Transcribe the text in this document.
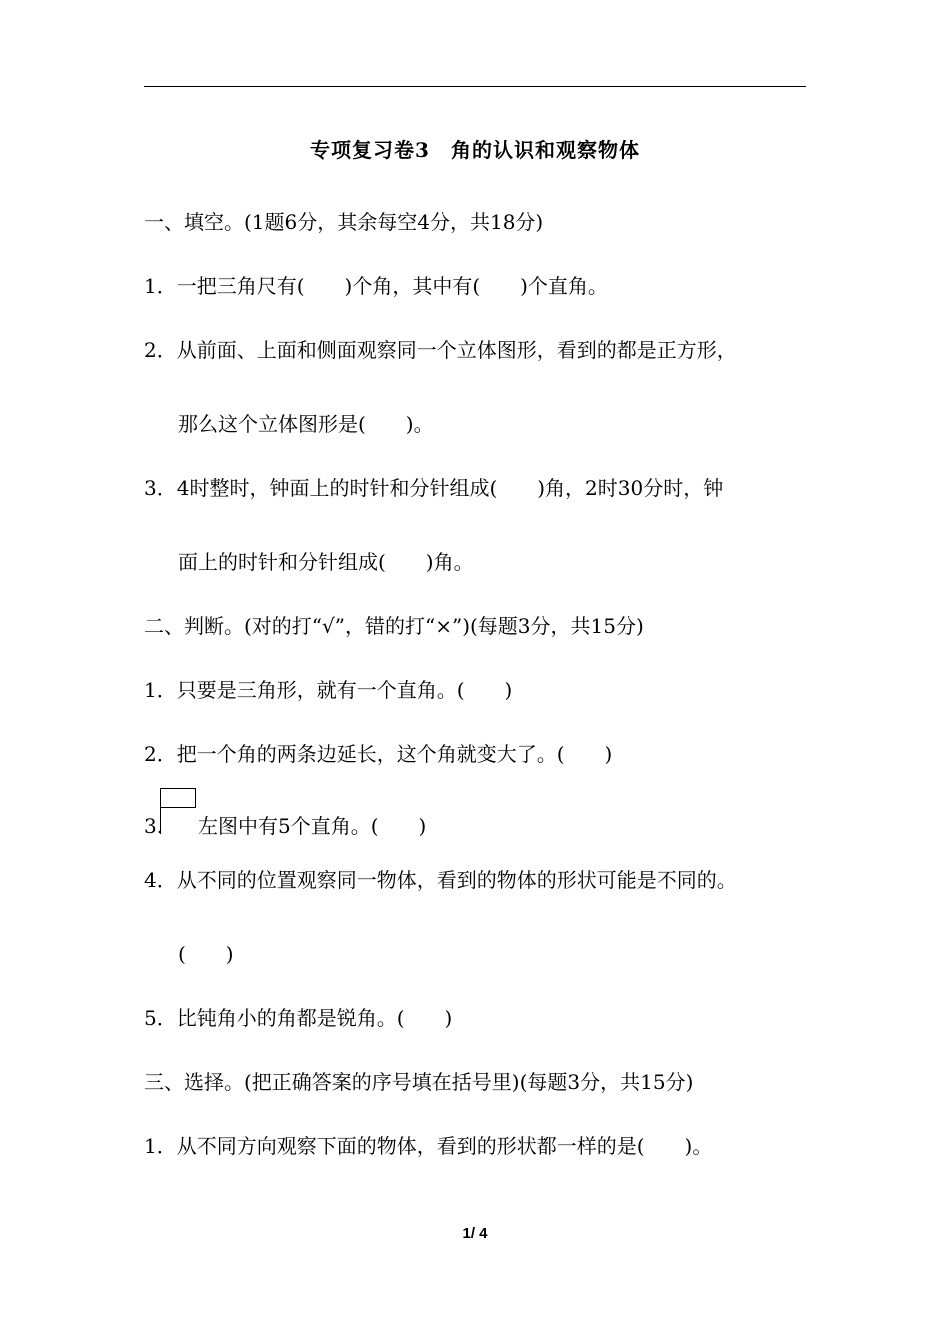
专项复习卷3　角的认识和观察物体
一、填空。(1题6分，其余每空4分，共18分)
1．一把三角尺有(　　)个角，其中有(　　)个直角。
2．从前面、上面和侧面观察同一个立体图形，看到的都是正方形，
那么这个立体图形是(　　)。
3．4时整时，钟面上的时针和分针组成(　　)角，2时30分时，钟
面上的时针和分针组成(　　)角。
二、判断。(对的打“√”，错的打“×”)(每题3分，共15分)
1．只要是三角形，就有一个直角。(　　)
2．把一个角的两条边延长，这个角就变大了。(　　)
3. 左图中有5个直角。(　　)
4．从不同的位置观察同一物体，看到的物体的形状可能是不同的。
(　　)
5．比钝角小的角都是锐角。(　　)
三、选择。(把正确答案的序号填在括号里)(每题3分，共15分)
1．从不同方向观察下面的物体，看到的形状都一样的是(　　)。
1/ 4
